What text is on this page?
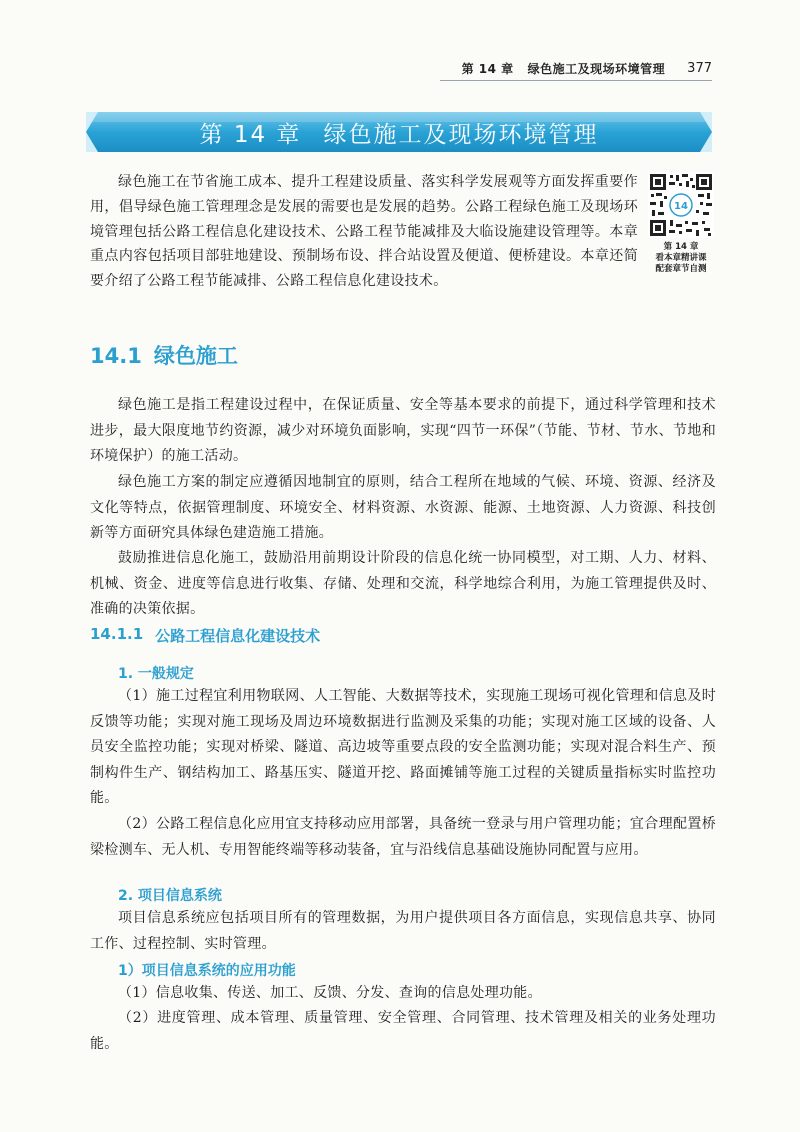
第 14 章 绿色施工及现场环境管理 377
第 14 章 绿色施工及现场环境管理

绿色施工在节省施工成本、提升工程建设质量、落实科学发展观等方面发挥重要作用，倡导绿色施工管理理念是发展的需要也是发展的趋势。公路工程绿色施工及现场环境管理包括公路工程信息化建设技术、公路工程节能减排及大临设施建设管理等。本章重点内容包括项目部驻地建设、预制场布设、拌合站设置及便道、便桥建设。本章还简要介绍了公路工程节能减排、公路工程信息化建设技术。

14
第 14 章
看本章精讲课
配套章节自测
14.1 绿色施工

绿色施工是指工程建设过程中，在保证质量、安全等基本要求的前提下，通过科学管理和技术进步，最大限度地节约资源，减少对环境负面影响，实现“四节一环保”（节能、节材、节水、节地和环境保护）的施工活动。

绿色施工方案的制定应遵循因地制宜的原则，结合工程所在地域的气候、环境、资源、经济及文化等特点，依据管理制度、环境安全、材料资源、水资源、能源、土地资源、人力资源、科技创新等方面研究具体绿色建造施工措施。

鼓励推进信息化施工，鼓励沿用前期设计阶段的信息化统一协同模型，对工期、人力、材料、机械、资金、进度等信息进行收集、存储、处理和交流，科学地综合利用，为施工管理提供及时、准确的决策依据。

14.1.1 公路工程信息化建设技术
1. 一般规定

（1）施工过程宜利用物联网、人工智能、大数据等技术，实现施工现场可视化管理和信息及时反馈等功能；实现对施工现场及周边环境数据进行监测及采集的功能；实现对施工区域的设备、人员安全监控功能；实现对桥梁、隧道、高边坡等重要点段的安全监测功能；实现对混合料生产、预制构件生产、钢结构加工、路基压实、隧道开挖、路面摊铺等施工过程的关键质量指标实时监控功能。

（2）公路工程信息化应用宜支持移动应用部署，具备统一登录与用户管理功能；宜合理配置桥梁检测车、无人机、专用智能终端等移动装备，宜与沿线信息基础设施协同配置与应用。

2. 项目信息系统

项目信息系统应包括项目所有的管理数据，为用户提供项目各方面信息，实现信息共享、协同工作、过程控制、实时管理。

1）项目信息系统的应用功能

（1）信息收集、传送、加工、反馈、分发、查询的信息处理功能。

（2）进度管理、成本管理、质量管理、安全管理、合同管理、技术管理及相关的业务处理功能。
